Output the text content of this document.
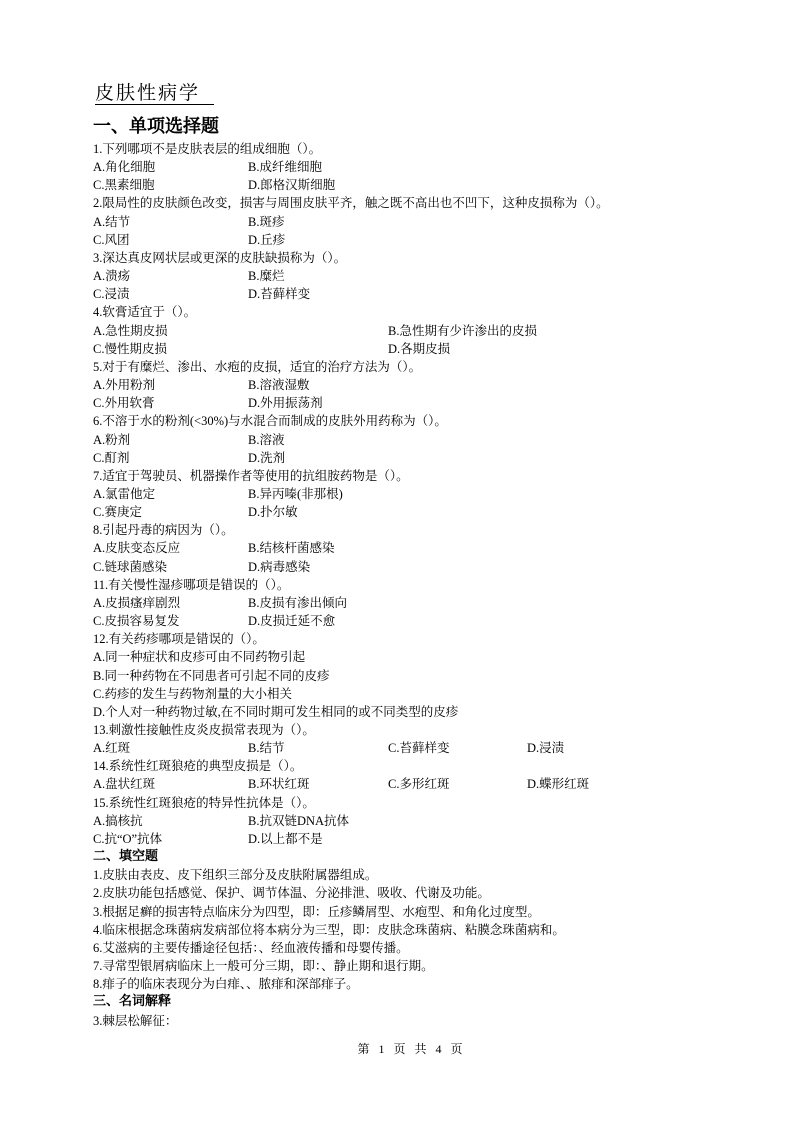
皮肤性病学
一、单项选择题
1.下列哪项不是皮肤表层的组成细胞（）。
A.角化细胞	B.成纤维细胞
C.黑素细胞	D.郎格汉斯细胞
2.限局性的皮肤颜色改变，损害与周围皮肤平齐，触之既不高出也不凹下，这种皮损称为（）。
A.结节	B.斑疹
C.风团	D.丘疹
3.深达真皮网状层或更深的皮肤缺损称为（）。
A.溃疡	B.糜烂
C.浸渍	D.苔藓样变
4.软膏适宜于（）。
A.急性期皮损	B.急性期有少许渗出的皮损
C.慢性期皮损	D.各期皮损
5.对于有糜烂、渗出、水疱的皮损，适宜的治疗方法为（）。
A.外用粉剂	B.溶液湿敷
C.外用软膏	D.外用振荡剂
6.不溶于水的粉剂(<30%)与水混合而制成的皮肤外用药称为（）。
A.粉剂	B.溶液
C.酊剂	D.洗剂
7.适宜于驾驶员、机器操作者等使用的抗组胺药物是（）。
A.氯雷他定	B.异丙嗪(非那根)
C.赛庚定	D.扑尔敏
8.引起丹毒的病因为（）。
A.皮肤变态反应	B.结核杆菌感染
C.链球菌感染	D.病毒感染
11.有关慢性湿疹哪项是错误的（）。
A.皮损瘙痒剧烈	B.皮损有渗出倾向
C.皮损容易复发	D.皮损迁延不愈
12.有关药疹哪项是错误的（）。
A.同一种症状和皮疹可由不同药物引起
B.同一种药物在不同患者可引起不同的皮疹
C.药疹的发生与药物剂量的大小相关
D.个人对一种药物过敏,在不同时期可发生相同的或不同类型的皮疹
13.刺激性接触性皮炎皮损常表现为（）。
A.红斑	B.结节	C.苔藓样变	D.浸渍
14.系统性红斑狼疮的典型皮损是（）。
A.盘状红斑	B.环状红斑	C.多形红斑	D.蝶形红斑
15.系统性红斑狼疮的特异性抗体是（）。
A.搞核抗	B.抗双链DNA抗体
C.抗“O”抗体	D.以上都不是
二、填空题
1.皮肤由表皮、皮下组织三部分及皮肤附属器组成。
2.皮肤功能包括感觉、保护、调节体温、分泌排泄、吸收、代谢及功能。
3.根据足癣的损害特点临床分为四型，即：丘疹鳞屑型、水疱型、和角化过度型。
4.临床根据念珠菌病发病部位将本病分为三型，即：皮肤念珠菌病、粘膜念珠菌病和。
6.艾滋病的主要传播途径包括：、经血液传播和母婴传播。
7.寻常型银屑病临床上一般可分三期，即：、静止期和退行期。
8.痱子的临床表现分为白痱、、脓痱和深部痱子。
三、名词解释
3.棘层松解征：
第 1 页 共 4 页
